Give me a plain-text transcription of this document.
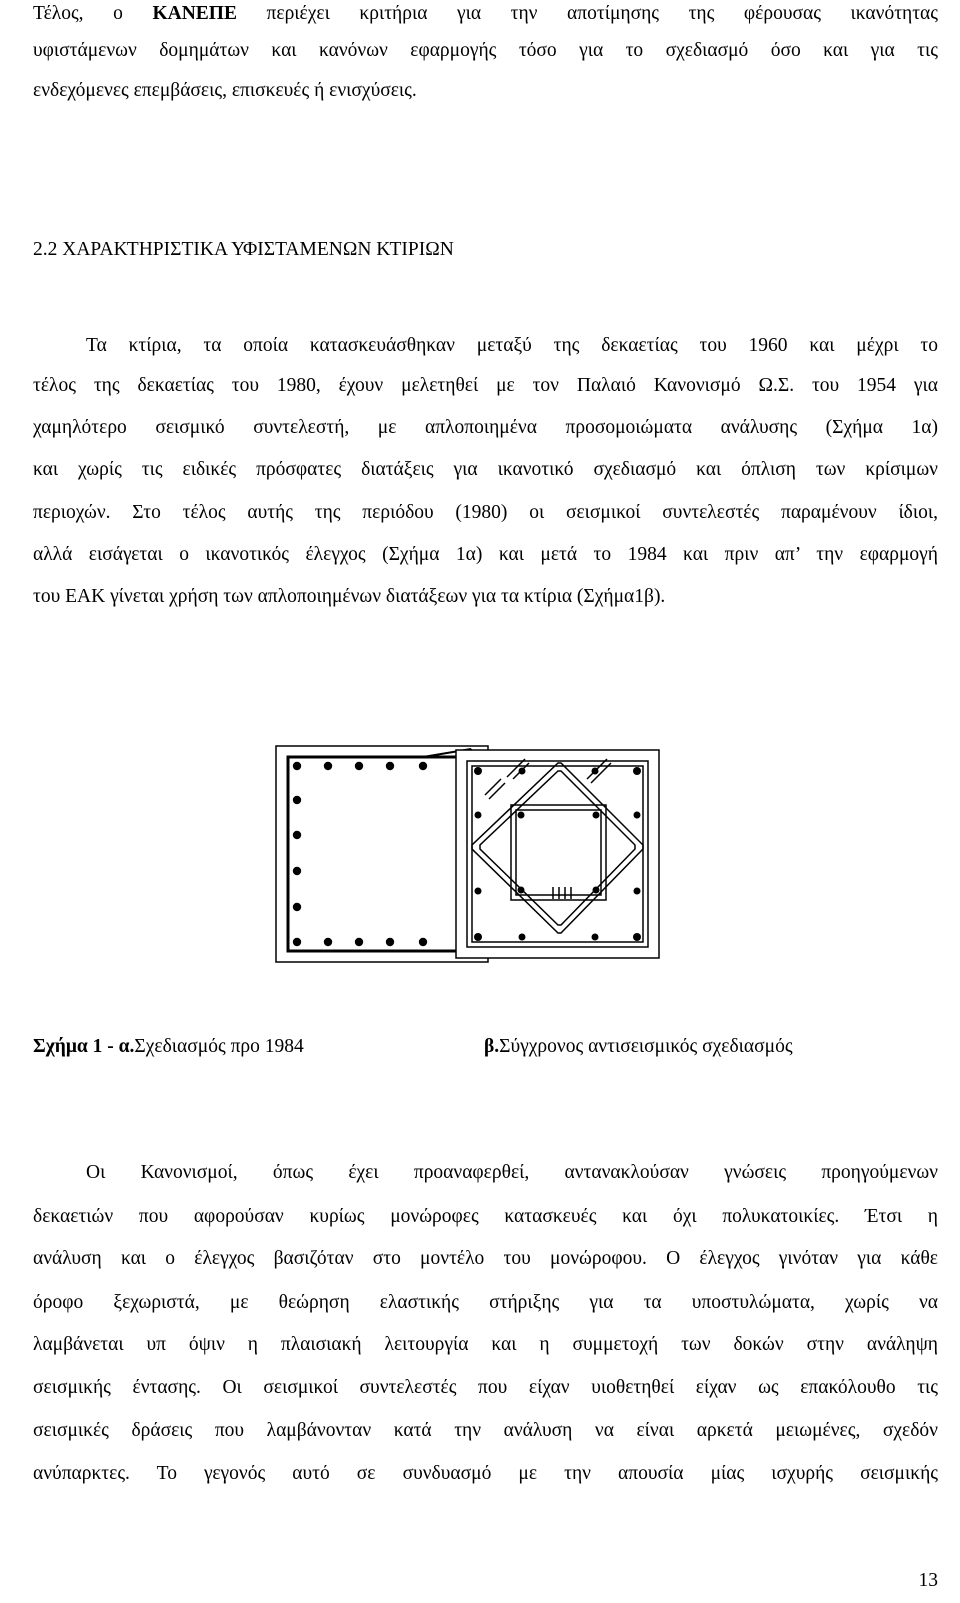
Τέλος, ο ΚΑΝΕΠΕ περιέχει κριτήρια για την αποτίμησης της φέρουσας ικανότητας
υφιστάμενων δομημάτων και κανόνων εφαρμογής τόσο για το σχεδιασμό όσο και για τις
ενδεχόμενες επεμβάσεις, επισκευές ή ενισχύσεις.
2.2 ΧΑΡΑΚΤΗΡΙΣΤΙΚΑ ΥΦΙΣΤΑΜΕΝΩΝ ΚΤΙΡΙΩΝ
Τα κτίρια, τα οποία κατασκευάσθηκαν μεταξύ της δεκαετίας του 1960 και μέχρι το
τέλος της δεκαετίας του 1980, έχουν μελετηθεί με τον Παλαιό Κανονισμό Ω.Σ. του 1954 για
χαμηλότερο σεισμικό συντελεστή, με απλοποιημένα προσομοιώματα ανάλυσης (Σχήμα 1α)
και χωρίς τις ειδικές πρόσφατες διατάξεις για ικανοτικό σχεδιασμό και όπλιση των κρίσιμων
περιοχών. Στο τέλος αυτής της περιόδου (1980) οι σεισμικοί συντελεστές παραμένουν ίδιοι,
αλλά εισάγεται ο ικανοτικός έλεγχος (Σχήμα 1α) και μετά το 1984 και πριν απ’ την εφαρμογή
του ΕΑΚ γίνεται χρήση των απλοποιημένων διατάξεων για τα κτίρια (Σχήμα1β).
Σχήμα 1 - α.Σχεδιασμός προ 1984	β.Σύγχρονος αντισεισμικός σχεδιασμός
Οι Κανονισμοί, όπως έχει προαναφερθεί, αντανακλούσαν γνώσεις προηγούμενων
δεκαετιών που αφορούσαν κυρίως μονώροφες κατασκευές και όχι πολυκατοικίες. Έτσι η
ανάλυση και ο έλεγχος βασιζόταν στο μοντέλο του μονώροφου. Ο έλεγχος γινόταν για κάθε
όροφο ξεχωριστά, με θεώρηση ελαστικής στήριξης για τα υποστυλώματα, χωρίς να
λαμβάνεται υπ όψιν η πλαισιακή λειτουργία και η συμμετοχή των δοκών στην ανάληψη
σεισμικής έντασης. Οι σεισμικοί συντελεστές που είχαν υιοθετηθεί είχαν ως επακόλουθο τις
σεισμικές δράσεις που λαμβάνονταν κατά την ανάλυση να είναι αρκετά μειωμένες, σχεδόν
ανύπαρκτες. Το γεγονός αυτό σε συνδυασμό με την απουσία μίας ισχυρής σεισμικής
13
